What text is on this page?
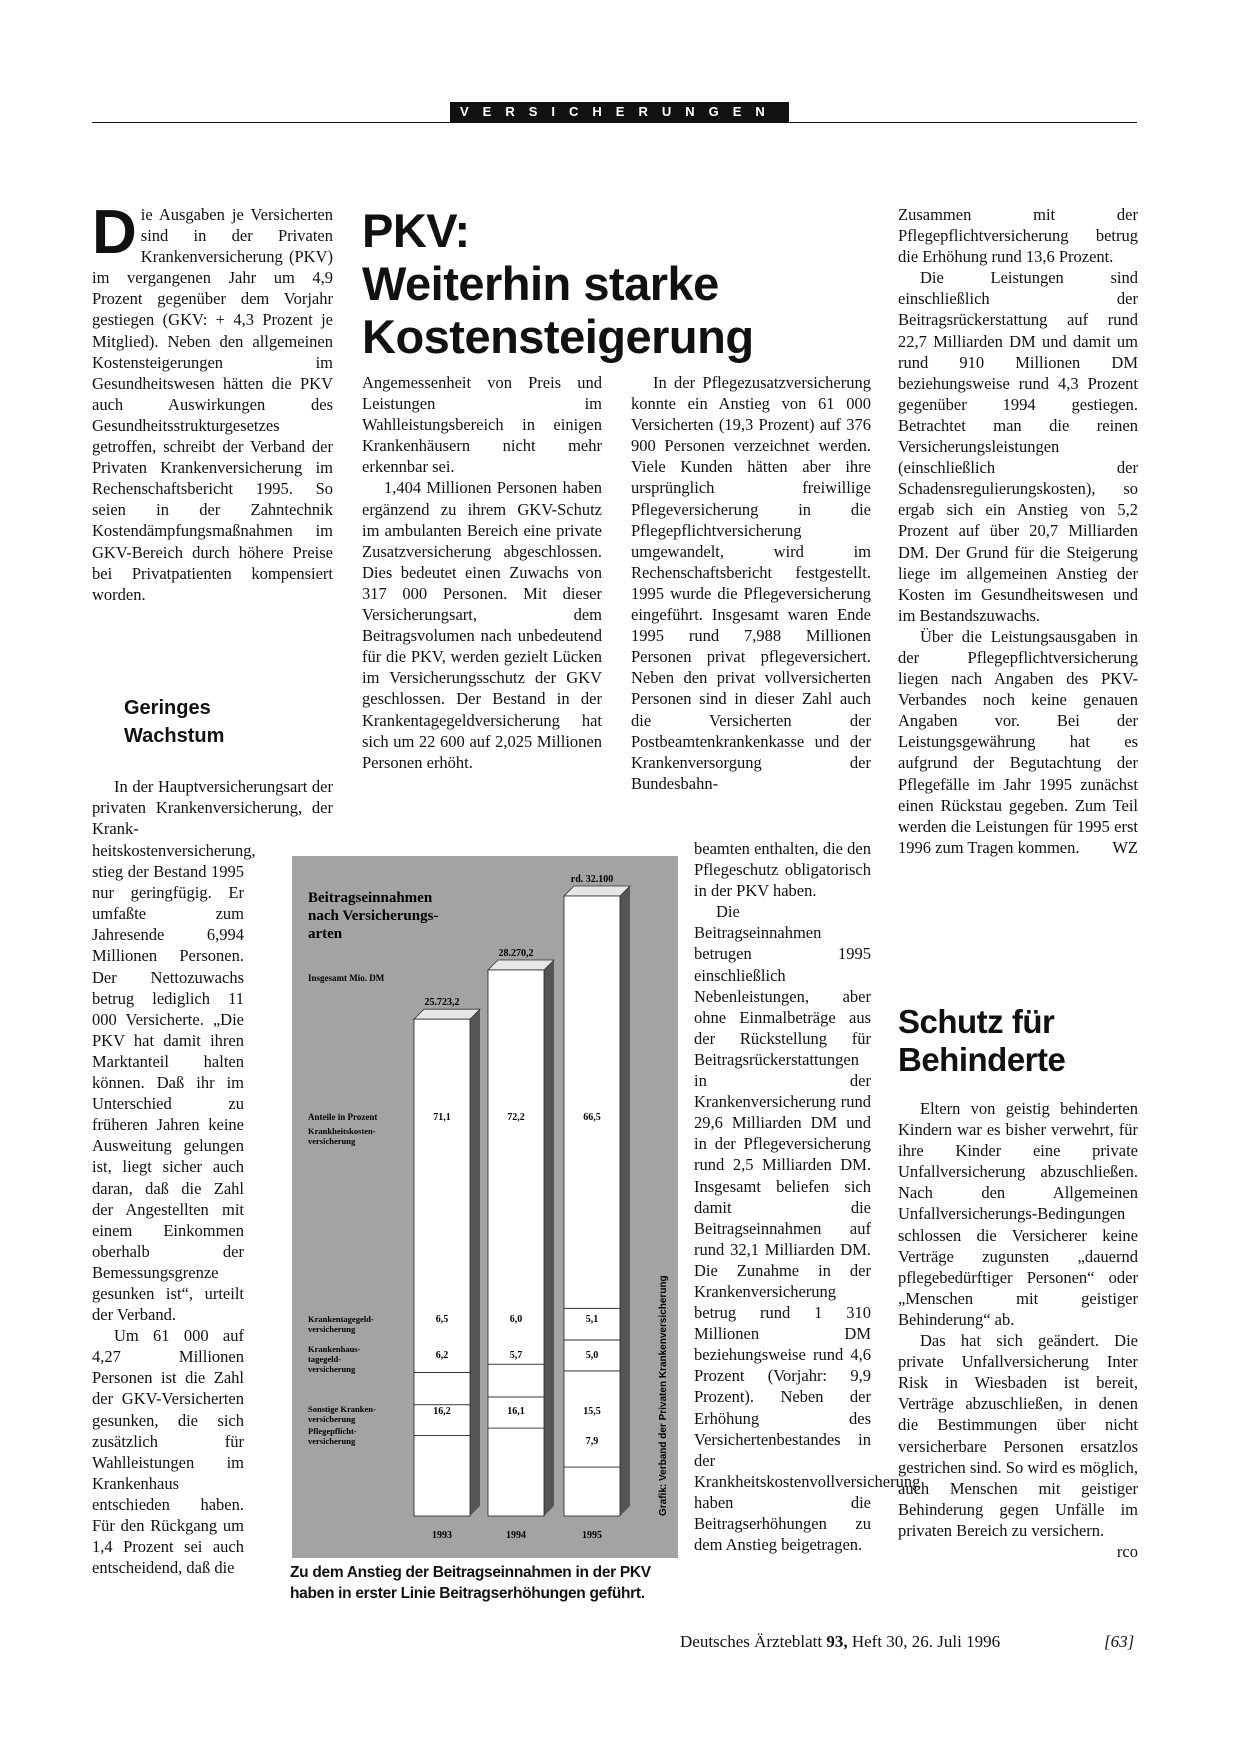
VERSICHERUNGEN
PKV:
Weiterhin starke
Kostensteigerung

Die Ausgaben je Versicherten sind in der Privaten Krankenversicherung (PKV) im vergangenen Jahr um 4,9 Prozent gegenüber dem Vorjahr gestiegen (GKV: + 4,3 Prozent je Mitglied). Neben den allgemeinen Kostensteigerungen im Gesundheitswesen hätten die PKV auch Auswirkungen des Gesundheitsstrukturgesetzes getroffen, schreibt der Verband der Privaten Krankenversicherung im Rechenschaftsbericht 1995. So seien in der Zahntechnik Kostendämpfungsmaßnahmen im GKV-Bereich durch höhere Preise bei Privatpatienten kompensiert worden.

Geringes
Wachstum

In der Hauptversicherungsart der privaten Krankenversicherung, der Krank-

heitskostenversicherung, stieg der Bestand 1995 nur geringfügig. Er umfaßte zum Jahresende 6,994 Millionen Personen. Der Nettozuwachs betrug lediglich 11 000 Versicherte. „Die PKV hat damit ihren Marktanteil halten können. Daß ihr im Unterschied zu früheren Jahren keine Ausweitung gelungen ist, liegt sicher auch daran, daß die Zahl der Angestellten mit einem Einkommen oberhalb der Bemessungsgrenze gesunken ist“, urteilt der Verband.

Um 61 000 auf 4,27 Millionen Personen ist die Zahl der GKV-Versicherten gesunken, die sich zusätzlich für Wahlleistungen im Krankenhaus entschieden haben. Für den Rückgang um 1,4 Prozent sei auch entscheidend, daß die

Angemessenheit von Preis und Leistungen im Wahlleistungsbereich in einigen Krankenhäusern nicht mehr erkennbar sei.

1,404 Millionen Personen haben ergänzend zu ihrem GKV-Schutz im ambulanten Bereich eine private Zusatzversicherung abgeschlossen. Dies bedeutet einen Zuwachs von 317 000 Personen. Mit dieser Versicherungsart, dem Beitragsvolumen nach unbedeutend für die PKV, werden gezielt Lücken im Versicherungsschutz der GKV geschlossen. Der Bestand in der Krankentagegeldversicherung hat sich um 22 600 auf 2,025 Millionen Personen erhöht.

In der Pflegezusatzversicherung konnte ein Anstieg von 61 000 Versicherten (19,3 Prozent) auf 376 900 Personen verzeichnet werden. Viele Kunden hätten aber ihre ursprünglich freiwillige Pflegeversicherung in die Pflegepflichtversicherung umgewandelt, wird im Rechenschaftsbericht festgestellt. 1995 wurde die Pflegeversicherung eingeführt. Insgesamt waren Ende 1995 rund 7,988 Millionen Personen privat pflegeversichert. Neben den privat vollversicherten Personen sind in dieser Zahl auch die Versicherten der Postbeamtenkrankenkasse und der Krankenversorgung der Bundesbahn-

beamten enthalten, die den Pflegeschutz obligatorisch in der PKV haben.

Die Beitragseinnahmen betrugen 1995 einschließlich Nebenleistungen, aber ohne Einmalbeträge aus der Rückstellung für Beitragsrückerstattungen in der Krankenversicherung rund 29,6 Milliarden DM und in der Pflegeversicherung rund 2,5 Milliarden DM. Insgesamt beliefen sich damit die Beitragseinnahmen auf rund 32,1 Milliarden DM. Die Zunahme in der Krankenversicherung betrug rund 1 310 Millionen DM beziehungsweise rund 4,6 Prozent (Vorjahr: 9,9 Prozent). Neben der Erhöhung des Versichertenbestandes in der Krankheitskostenvollversicherung haben die Beitragserhöhungen zu dem Anstieg beigetragen.

Zusammen mit der Pflegepflichtversicherung betrug die Erhöhung rund 13,6 Prozent.

Die Leistungen sind einschließlich der Beitragsrückerstattung auf rund 22,7 Milliarden DM und damit um rund 910 Millionen DM beziehungsweise rund 4,3 Prozent gegenüber 1994 gestiegen. Betrachtet man die reinen Versicherungsleistungen (einschließlich der Schadensregulierungskosten), so ergab sich ein Anstieg von 5,2 Prozent auf über 20,7 Milliarden DM. Der Grund für die Steigerung liege im allgemeinen Anstieg der Kosten im Gesundheitswesen und im Bestandszuwachs.

Über die Leistungsausgaben in der Pflegepflichtversicherung liegen nach Angaben des PKV-Verbandes noch keine genauen Angaben vor. Bei der Leistungsgewährung hat es aufgrund der Begutachtung der Pflegefälle im Jahr 1995 zunächst einen Rückstau gegeben. Zum Teil werden die Leistungen für 1995 erst 1996 zum Tragen kommen.	WZ

Schutz für
Behinderte

Eltern von geistig behinderten Kindern war es bisher verwehrt, für ihre Kinder eine private Unfallversicherung abzuschließen. Nach den Allgemeinen Unfallversicherungs-Bedingungen schlossen die Versicherer keine Verträge zugunsten „dauernd pflegebedürftiger Personen“ oder „Menschen mit geistiger Behinderung“ ab.

Das hat sich geändert. Die private Unfallversicherung Inter Risk in Wiesbaden ist bereit, Verträge abzuschließen, in denen die Bestimmungen über nicht versicherbare Personen ersatzlos gestrichen sind. So wird es möglich, auch Menschen mit geistiger Behinderung gegen Unfälle im privaten Bereich zu versichern.
rco

25.723,2
1993
28.270,2
1994
rd. 32.100
1995
7,9
16,2	16,1	15,5
6,2	5,7	5,0
6,5	6,0	5,1
71,1	72,2	66,5
Beitragseinnahmen nach Versicherungs-arten
Insgesamt Mio. DM
Anteile in Prozent
Pflegepflicht-versicherung
Sonstige Kranken-versicherung
Krankenhaus-tagegeld-versicherung
Krankentagegeld-versicherung
Krankheitskosten-versicherung
Grafik: Verband der Privaten Krankenversicherung
Zu dem Anstieg der Beitragseinnahmen in der PKV haben in erster Linie Beitragserhöhungen geführt.
Deutsches Ärzteblatt 93, Heft 30, 26. Juli 1996	[63]
